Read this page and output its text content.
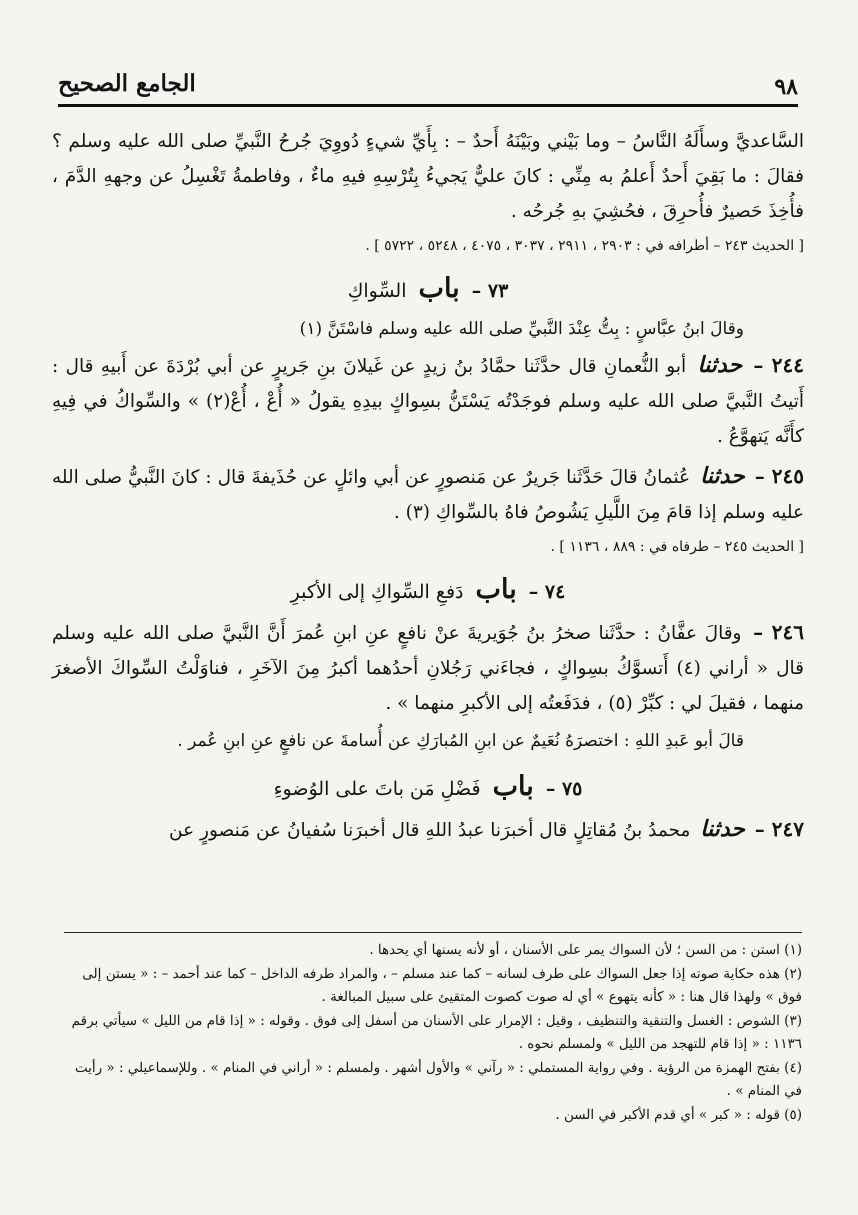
٩٨
الجامع الصحيح

السَّاعديَّ وسأَلَهُ النَّاسُ – وما بَيْني وبَيْنَهُ أَحدٌ – : بِأَيِّ شيءٍ دُووِيَ جُرحُ النَّبيِّ صلى الله عليه وسلم ؟ فقالَ : ما بَقِيَ أَحدٌ أَعلمُ به مِنِّي : كانَ عليٌّ يَجيءُ بِتُرْسِهِ فيهِ ماءٌ ، وفاطمةُ تَغْسِلُ عن وجههِ الدَّمَ ، فأُخِذَ حَصيرٌ فأُحرِقَ ، فحُشِيَ بهِ جُرحُه .

[ الحديث ٢٤٣ – أطرافه في : ٢٩٠٣ ، ٢٩١١ ، ٣٠٣٧ ، ٤٠٧٥ ، ٥٢٤٨ ، ٥٧٢٢ ] .

٧٣ – باب السِّواكِ
وقالَ ابنُ عبَّاسٍ : بِتُّ عِنْدَ النَّبيِّ صلى الله عليه وسلم فاسْتَنَّ (١)

٢٤٤ – حدثنا أبو النُّعمانِ قال حدَّثَنا حمَّادُ بنُ زيدٍ عن غَيلانَ بنِ جَريرٍ عن أبي بُرْدَةَ عن أَبيهِ قال : أَتيتُ النَّبيَّ صلى الله عليه وسلم فوجَدْتُه يَسْتَنُّ بسِواكٍ بيدِهِ يقولُ « أُعْ ، أُعْ(٢) » والسِّواكُ في فِيهِ كأَنَّه يَتهوَّعُ .

٢٤٥ – حدثنا عُثمانُ قالَ حَدَّثَنا جَريرٌ عن مَنصورٍ عن أبي وائلٍ عن حُذَيفةَ قال : كانَ النَّبيُّ صلى الله عليه وسلم إذا قامَ مِنَ اللَّيلِ يَشُوصُ فاهُ بالسِّواكِ (٣) .

[ الحديث ٢٤٥ – طرفاه في : ٨٨٩ ، ١١٣٦ ] .

٧٤ – باب دَفعِ السِّواكِ إلى الأكبرِ

٢٤٦ – وقالَ عفَّانُ : حدَّثَنا صخرُ بنُ جُوَيريةَ عنْ نافعٍ عنِ ابنِ عُمرَ أَنَّ النَّبيَّ صلى الله عليه وسلم قال « أراني (٤) أَتسوَّكُ بسِواكٍ ، فجاءَني رَجُلانِ أحدُهما أكبرُ مِنَ الآخَرِ ، فناوَلْتُ السِّواكَ الأصغرَ منهما ، فقيلَ لي : كبِّرْ (٥) ، فدَفَعتُه إلى الأكبرِ منهما » .

قالَ أبو عَبدِ اللهِ : اختصرَهُ نُعَيمٌ عن ابنِ المُبارَكِ عن أُسامةَ عن نافعٍ عنِ ابنِ عُمر .
٧٥ – باب فَضْلِ مَن باتَ على الوُضوءِ

٢٤٧ – حدثنا محمدُ بنُ مُقاتِلٍ قال أخبرَنا عبدُ اللهِ قال أخبرَنا سُفيانُ عن مَنصورٍ عن

(١) استن : من السن ؛ لأن السواك يمر على الأسنان ، أو لأنه يسنها أي يحدها .

(٢) هذه حكاية صوته إذا جعل السواك على طرف لسانه – كما عند مسلم – ، والمراد طرفه الداخل – كما عند أحمد – : « يستن إلى فوق » ولهذا قال هنا : « كأنه يتهوع » أي له صوت كصوت المتقيئ على سبيل المبالغة .

(٣) الشوص : الغسل والتنقية والتنظيف ، وقيل : الإمرار على الأسنان من أسفل إلى فوق . وقوله : « إذا قام من الليل » سيأتي برقم ١١٣٦ : « إذا قام للتهجد من الليل » ولمسلم نحوه .

(٤) بفتح الهمزة من الرؤية . وفي رواية المستملي : « رآني » والأول أشهر . ولمسلم : « أراني في المنام » . وللإسماعيلي : « رأيت في المنام » .

(٥) قوله : « كبر » أي قدم الأكبر في السن .
